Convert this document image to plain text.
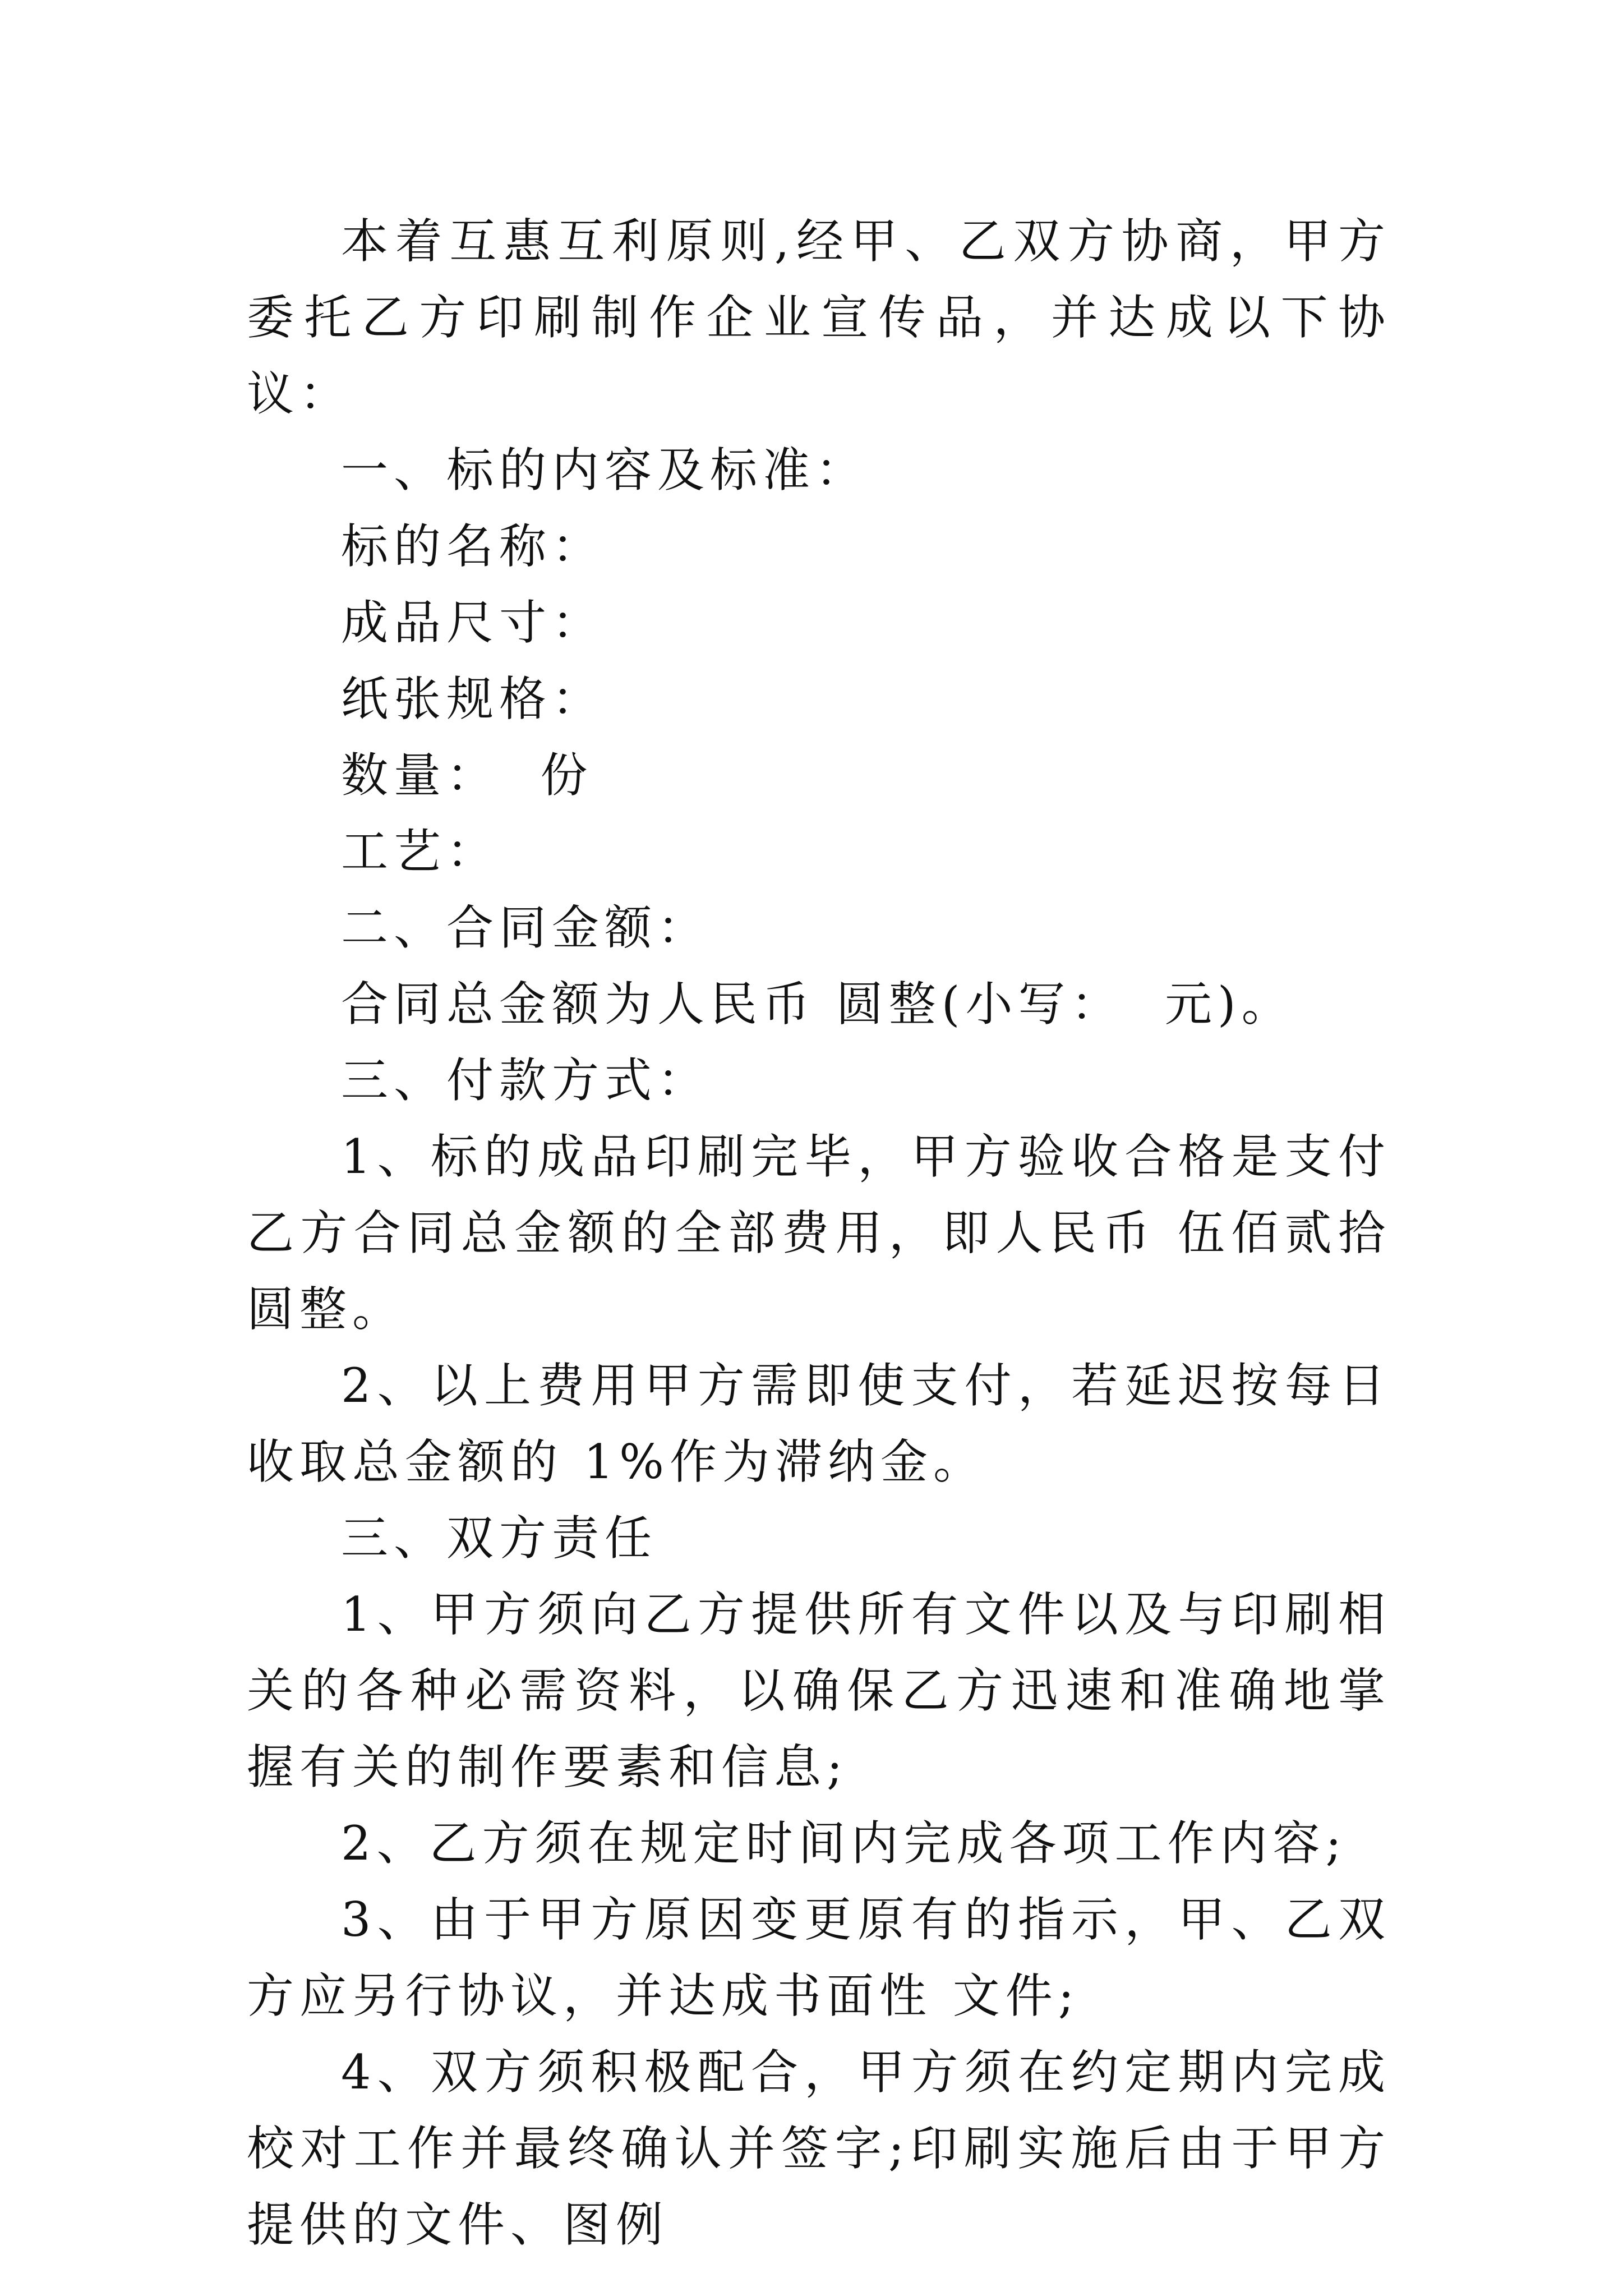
本着互惠互利原则,经甲、乙双方协商，甲方委托乙方印刷制作企业宣传品，并达成以下协议：

一、标的内容及标准：

标的名称：

成品尺寸：

纸张规格：

数量：  份

工艺：

二、合同金额：

合同总金额为人民币 圆整(小写：  元)。

三、付款方式：

1、标的成品印刷完毕，甲方验收合格是支付乙方合同总金额的全部费用，即人民币 伍佰贰拾 圆整。

2、以上费用甲方需即使支付，若延迟按每日收取总金额的 1%作为滞纳金。

三、双方责任

1、甲方须向乙方提供所有文件以及与印刷相关的各种必需资料，以确保乙方迅速和准确地掌握有关的制作要素和信息;

2、乙方须在规定时间内完成各项工作内容;

3、由于甲方原因变更原有的指示，甲、乙双方应另行协议，并达成书面性 文件;

4、双方须积极配合，甲方须在约定期内完成校对工作并最终确认并签字;印刷实施后由于甲方提供的文件、图例
